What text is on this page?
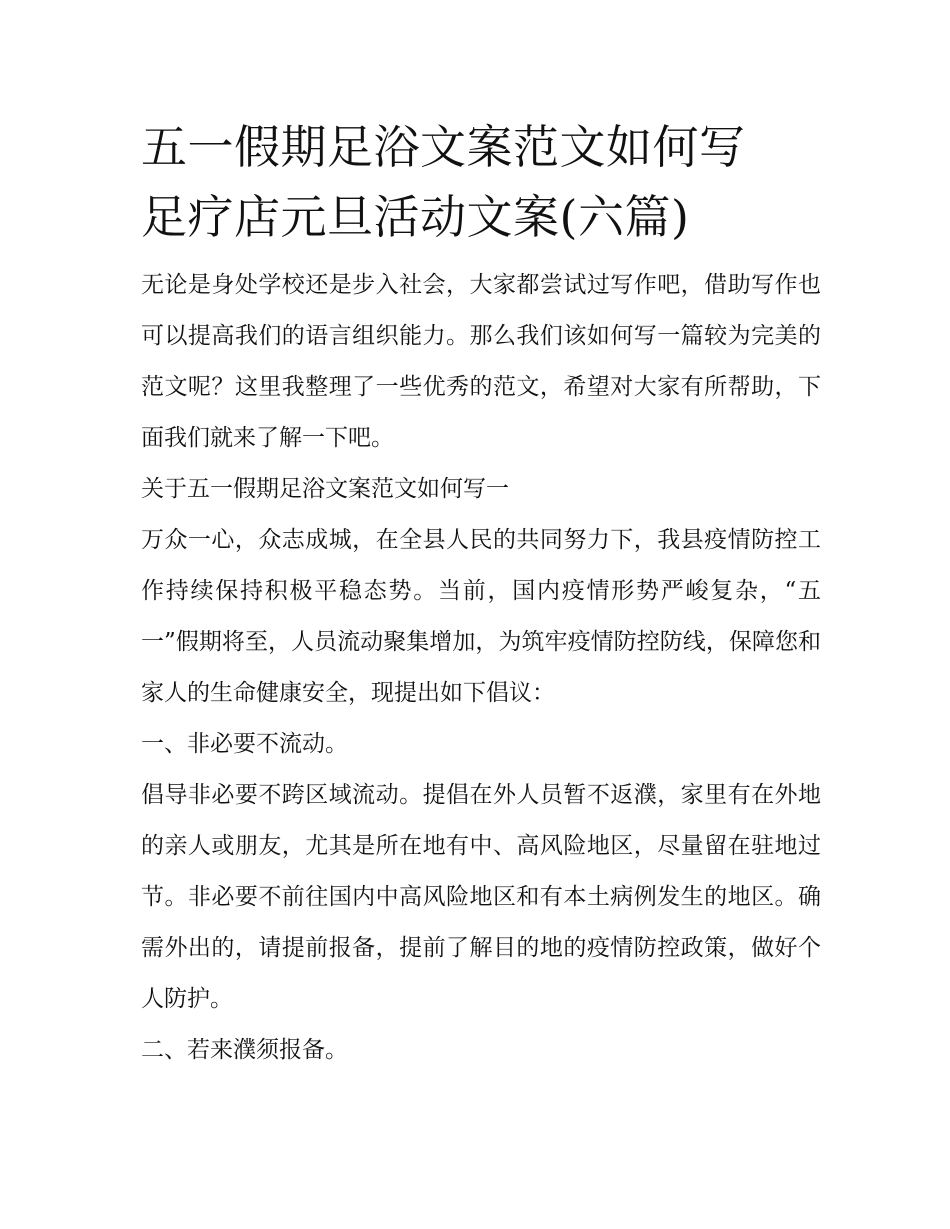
五一假期足浴文案范文如何写
足疗店元旦活动文案(六篇)

无论是身处学校还是步入社会，大家都尝试过写作吧，借助写作也可以提高我们的语言组织能力。那么我们该如何写一篇较为完美的范文呢？这里我整理了一些优秀的范文，希望对大家有所帮助，下面我们就来了解一下吧。

关于五一假期足浴文案范文如何写一

万众一心，众志成城，在全县人民的共同努力下，我县疫情防控工作持续保持积极平稳态势。当前，国内疫情形势严峻复杂，“五一”假期将至，人员流动聚集增加，为筑牢疫情防控防线，保障您和家人的生命健康安全，现提出如下倡议：

一、非必要不流动。

倡导非必要不跨区域流动。提倡在外人员暂不返濮，家里有在外地的亲人或朋友，尤其是所在地有中、高风险地区，尽量留在驻地过节。非必要不前往国内中高风险地区和有本土病例发生的地区。确需外出的，请提前报备，提前了解目的地的疫情防控政策，做好个人防护。

二、若来濮须报备。
